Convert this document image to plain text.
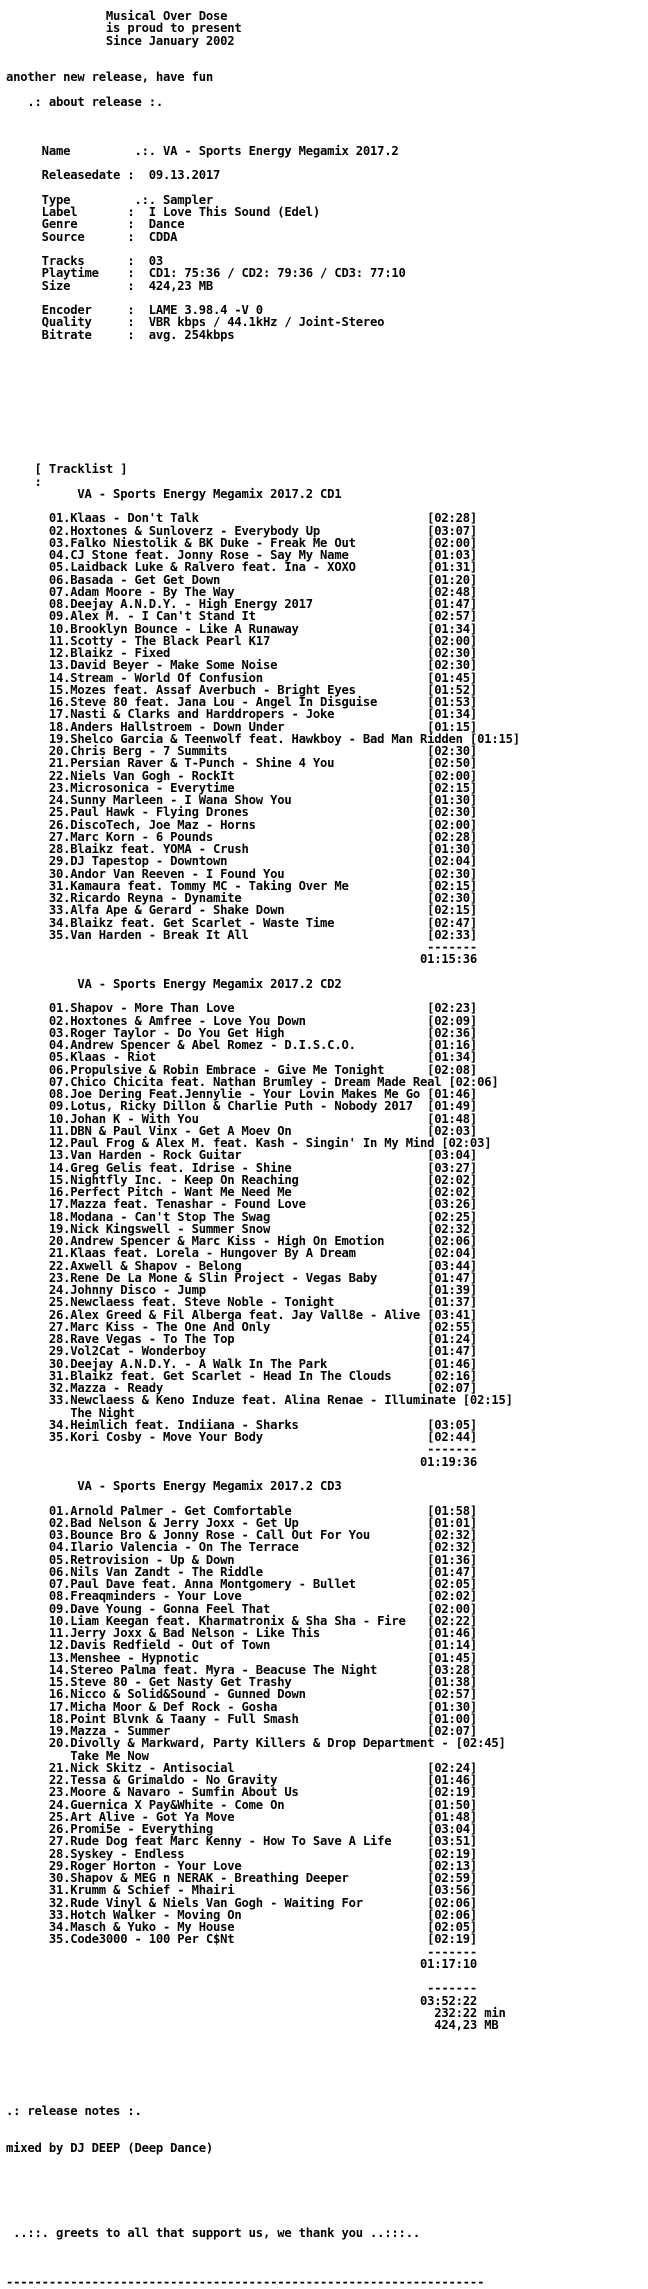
Musical Over Dose
is proud to present
Since January 2002

another new release, have fun

.: about release :.

Name         .:. VA - Sports Energy Megamix 2017.2

Releasedate :  09.13.2017

Type         .:. Sampler
Label       :  I Love This Sound (Edel)
Genre       :  Dance
Source      :  CDDA

Tracks      :  03
Playtime    :  CD1: 75:36 / CD2: 79:36 / CD3: 77:10
Size        :  424,23 MB

Encoder     :  LAME 3.98.4 -V 0
Quality     :  VBR kbps / 44.1kHz / Joint-Stereo
Bitrate     :  avg. 254kbps

[ Tracklist ]
:
VA - Sports Energy Megamix 2017.2 CD1

01.Klaas - Don't Talk                                [02:28]
02.Hoxtones & Sunloverz - Everybody Up               [03:07]
03.Falko Niestolik & BK Duke - Freak Me Out          [02:00]
04.CJ Stone feat. Jonny Rose - Say My Name           [01:03]
05.Laidback Luke & Ralvero feat. Ina - XOXO          [01:31]
06.Basada - Get Get Down                             [01:20]
07.Adam Moore - By The Way                           [02:48]
08.Deejay A.N.D.Y. - High Energy 2017                [01:47]
09.Alex M. - I Can't Stand It                        [02:57]
10.Brooklyn Bounce - Like A Runaway                  [01:34]
11.Scotty - The Black Pearl K17                      [02:00]
12.Blaikz - Fixed                                    [02:30]
13.David Beyer - Make Some Noise                     [02:30]
14.Stream - World Of Confusion                       [01:45]
15.Mozes feat. Assaf Averbuch - Bright Eyes          [01:52]
16.Steve 80 feat. Jana Lou - Angel In Disguise       [01:53]
17.Nasti & Clarks and Harddropers - Joke             [01:34]
18.Anders Hallstroem - Down Under                    [01:15]
19.Shelco Garcia & Teenwolf feat. Hawkboy - Bad Man Ridden [01:15]
20.Chris Berg - 7 Summits                            [02:30]
21.Persian Raver & T-Punch - Shine 4 You             [02:50]
22.Niels Van Gogh - RockIt                           [02:00]
23.Microsonica - Everytime                           [02:15]
24.Sunny Marleen - I Wana Show You                   [01:30]
25.Paul Hawk - Flying Drones                         [02:30]
26.DiscoTech, Joe Maz - Horns                        [02:00]
27.Marc Korn - 6 Pounds                              [02:28]
28.Blaikz feat. YOMA - Crush                         [01:30]
29.DJ Tapestop - Downtown                            [02:04]
30.Andor Van Reeven - I Found You                    [02:30]
31.Kamaura feat. Tommy MC - Taking Over Me           [02:15]
32.Ricardo Reyna - Dynamite                          [02:30]
33.Alfa Ape & Gerard - Shake Down                    [02:15]
34.Blaikz feat. Get Scarlet - Waste Time             [02:47]
35.Van Harden - Break It All                         [02:33]
-------
01:15:36

VA - Sports Energy Megamix 2017.2 CD2

01.Shapov - More Than Love                           [02:23]
02.Hoxtones & Amfree - Love You Down                 [02:09]
03.Roger Taylor - Do You Get High                    [02:36]
04.Andrew Spencer & Abel Romez - D.I.S.C.O.          [01:16]
05.Klaas - Riot                                      [01:34]
06.Propulsive & Robin Embrace - Give Me Tonight      [02:08]
07.Chico Chicita feat. Nathan Brumley - Dream Made Real [02:06]
08.Joe Dering Feat.Jennylie - Your Lovin Makes Me Go [01:46]
09.Lotus, Ricky Dillon & Charlie Puth - Nobody 2017  [01:49]
10.Johan K - With You                                [01:48]
11.DBN & Paul Vinx - Get A Moev On                   [02:03]
12.Paul Frog & Alex M. feat. Kash - Singin' In My Mind [02:03]
13.Van Harden - Rock Guitar                          [03:04]
14.Greg Gelis feat. Idrise - Shine                   [03:27]
15.Nightfly Inc. - Keep On Reaching                  [02:02]
16.Perfect Pitch - Want Me Need Me                   [02:02]
17.Mazza feat. Tenashar - Found Love                 [03:26]
18.Modana - Can't Stop The Swag                      [02:25]
19.Nick Kingswell - Summer Snow                      [02:32]
20.Andrew Spencer & Marc Kiss - High On Emotion      [02:06]
21.Klaas feat. Lorela - Hungover By A Dream          [02:04]
22.Axwell & Shapov - Belong                          [03:44]
23.Rene De La Mone & Slin Project - Vegas Baby       [01:47]
24.Johnny Disco - Jump                               [01:39]
25.Newclaess feat. Steve Noble - Tonight             [01:37]
26.Alex Greed & Fil Alberga feat. Jay Vall8e - Alive [03:41]
27.Marc Kiss - The One And Only                      [02:55]
28.Rave Vegas - To The Top                           [01:24]
29.Vol2Cat - Wonderboy                               [01:47]
30.Deejay A.N.D.Y. - A Walk In The Park              [01:46]
31.Blaikz feat. Get Scarlet - Head In The Clouds     [02:16]
32.Mazza - Ready                                     [02:07]
33.Newclaess & Keno Induze feat. Alina Renae - Illuminate [02:15]
The Night
34.Heimlich feat. Indiiana - Sharks                  [03:05]
35.Kori Cosby - Move Your Body                       [02:44]
-------
01:19:36

VA - Sports Energy Megamix 2017.2 CD3

01.Arnold Palmer - Get Comfortable                   [01:58]
02.Bad Nelson & Jerry Joxx - Get Up                  [01:01]
03.Bounce Bro & Jonny Rose - Call Out For You        [02:32]
04.Ilario Valencia - On The Terrace                  [02:32]
05.Retrovision - Up & Down                           [01:36]
06.Nils Van Zandt - The Riddle                       [01:47]
07.Paul Dave feat. Anna Montgomery - Bullet          [02:05]
08.Freaqminders - Your Love                          [02:02]
09.Dave Young - Gonna Feel That                      [02:00]
10.Liam Keegan feat. Kharmatronix & Sha Sha - Fire   [02:22]
11.Jerry Joxx & Bad Nelson - Like This               [01:46]
12.Davis Redfield - Out of Town                      [01:14]
13.Menshee - Hypnotic                                [01:45]
14.Stereo Palma feat. Myra - Beacuse The Night       [03:28]
15.Steve 80 - Get Nasty Get Trashy                   [01:38]
16.Nicco & Solid&Sound - Gunned Down                 [02:57]
17.Micha Moor & Def Rock - Gosha                     [01:30]
18.Point Blvnk & Taany - Full Smash                  [01:00]
19.Mazza - Summer                                    [02:07]
20.Divolly & Markward, Party Killers & Drop Department - [02:45]
Take Me Now
21.Nick Skitz - Antisocial                           [02:24]
22.Tessa & Grimaldo - No Gravity                     [01:46]
23.Moore & Navaro - Sumfin About Us                  [02:19]
24.Guernica X Pay&White - Come On                    [01:50]
25.Art Alive - Got Ya Move                           [01:48]
26.Promi5e - Everything                              [03:04]
27.Rude Dog feat Marc Kenny - How To Save A Life     [03:51]
28.Syskey - Endless                                  [02:19]
29.Roger Horton - Your Love                          [02:13]
30.Shapov & MEG n NERAK - Breathing Deeper           [02:59]
31.Krumm & Schief - Mhairi                           [03:56]
32.Rude Vinyl & Niels Van Gogh - Waiting For         [02:06]
33.Hotch Walker - Moving On                          [02:06]
34.Masch & Yuko - My House                           [02:05]
35.Code3000 - 100 Per C$Nt                           [02:19]
-------
01:17:10

-------
03:52:22
232:22 min
424,23 MB

.: release notes :.

mixed by DJ DEEP (Deep Dance)

..::. greets to all that support us, we thank you ..:::..

-------------------------------------------------------------------
